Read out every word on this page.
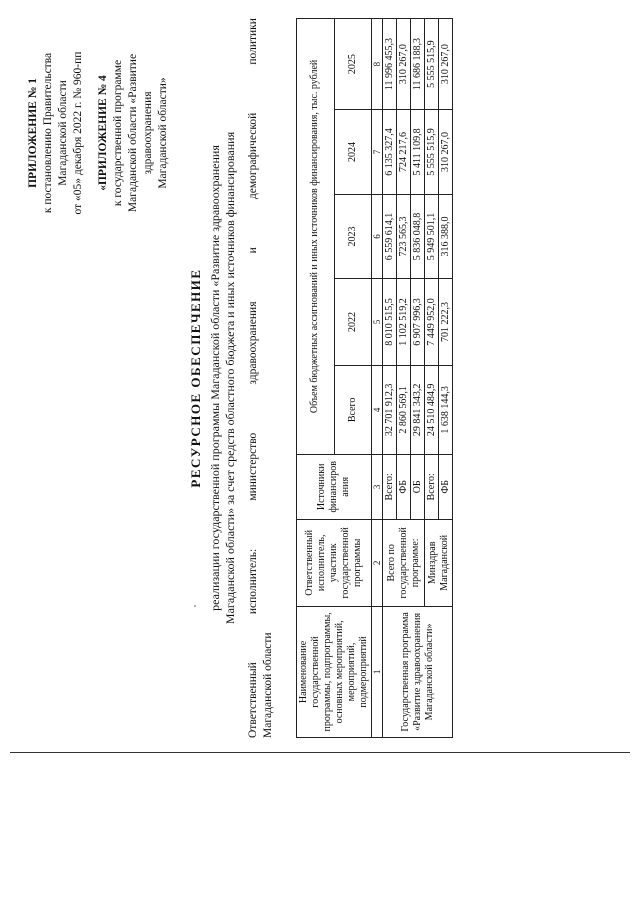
ПРИЛОЖЕНИЕ № 1 к постановлению Правительства Магаданской области от «05» декабря 2022 г. № 960-пп «ПРИЛОЖЕНИЕ № 4 к государственной программе Магаданской области «Развитие здравоохранения Магаданской области»
РЕСУРСНОЕ ОБЕСПЕЧЕНИЕ реализации государственной программы Магаданской области «Развитие здравоохранения Магаданской области» за счет средств областного бюджета и иных источников финансирования
Ответственный
исполнитель:
министерство
здравоохранения
и
демографической
политики
Магаданской области Наименование государственной программы, подпрограммы, основных мероприятий, мероприятий, подмероприятий	Ответственный исполнитель, участник государственной программы	Источники финансиров ания	Объем бюджетных ассигнований и иных источников финансирования, тыс. рублей				
			Всего	2022	2023	2024	2025
1	2	3	4	5	6	7	8
Государственная программа «Развитие здравоохранения Магаданской области»	Всего по государственной программе:	Всего:	32 701 912,3	8 010 515,5	6 559 614,1	6 135 327,4	11 996 455,3
		ФБ	2 860 569,1	1 102 519,2	723 565,3	724 217,6	310 267,0
		ОБ	29 841 343,2	6 907 996,3	5 836 048,8	5 411 109,8	11 686 188,3
	Минздрав Магаданской	Всего:	24 510 484,9	7 449 952,0	5 949 501,1	5 555 515,9	5 555 515,9
		ФБ	1 638 144,3	701 222,3	316 388,0	310 267,0	310 267,0
